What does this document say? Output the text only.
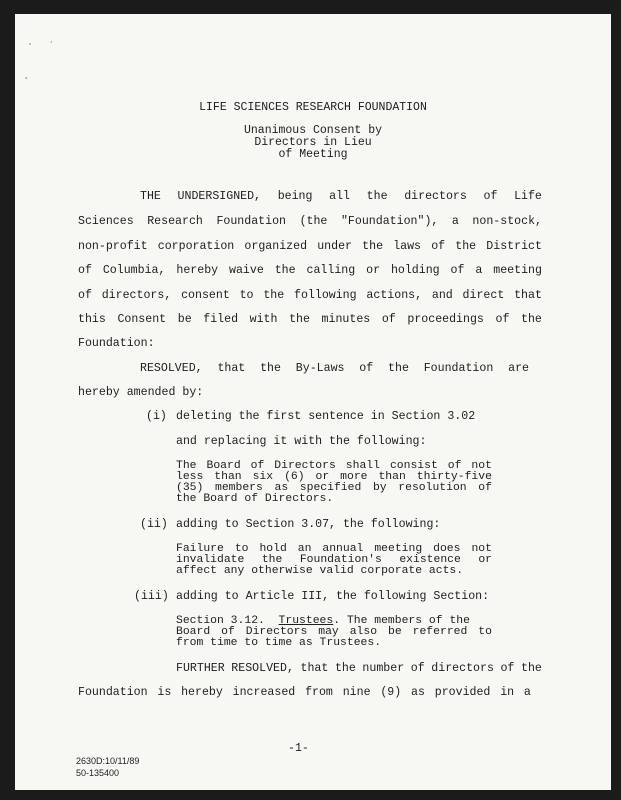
ʿ ·
'
LIFE SCIENCES RESEARCH FOUNDATION
Unanimous Consent by
Directors in Lieu
of Meeting
THE UNDERSIGNED, being all the directors of Life
Sciences Research Foundation (the "Foundation"), a non-stock,
non-profit corporation organized under the laws of the District
of Columbia, hereby waive the calling or holding of a meeting
of directors, consent to the following actions, and direct that
this Consent be filed with the minutes of proceedings of the
Foundation:
RESOLVED, that the By-Laws of the Foundation are
hereby amended by:
(i) deleting the first sentence in Section 3.02
and replacing it with the following:
The Board of Directors shall consist of not
less than six (6) or more than thirty-five
(35) members as specified by resolution of
the Board of Directors.
(ii) adding to Section 3.07, the following:
Failure to hold an annual meeting does not
invalidate the Foundation's existence or
affect any otherwise valid corporate acts.
(iii) adding to Article III, the following Section:
Section 3.12. Trustees. The members of the
Board of Directors may also be referred to
from time to time as Trustees.
FURTHER RESOLVED, that the number of directors of the
Foundation is hereby increased from nine (9) as provided in a
-1-
2630D:10/11/89
50-135400
